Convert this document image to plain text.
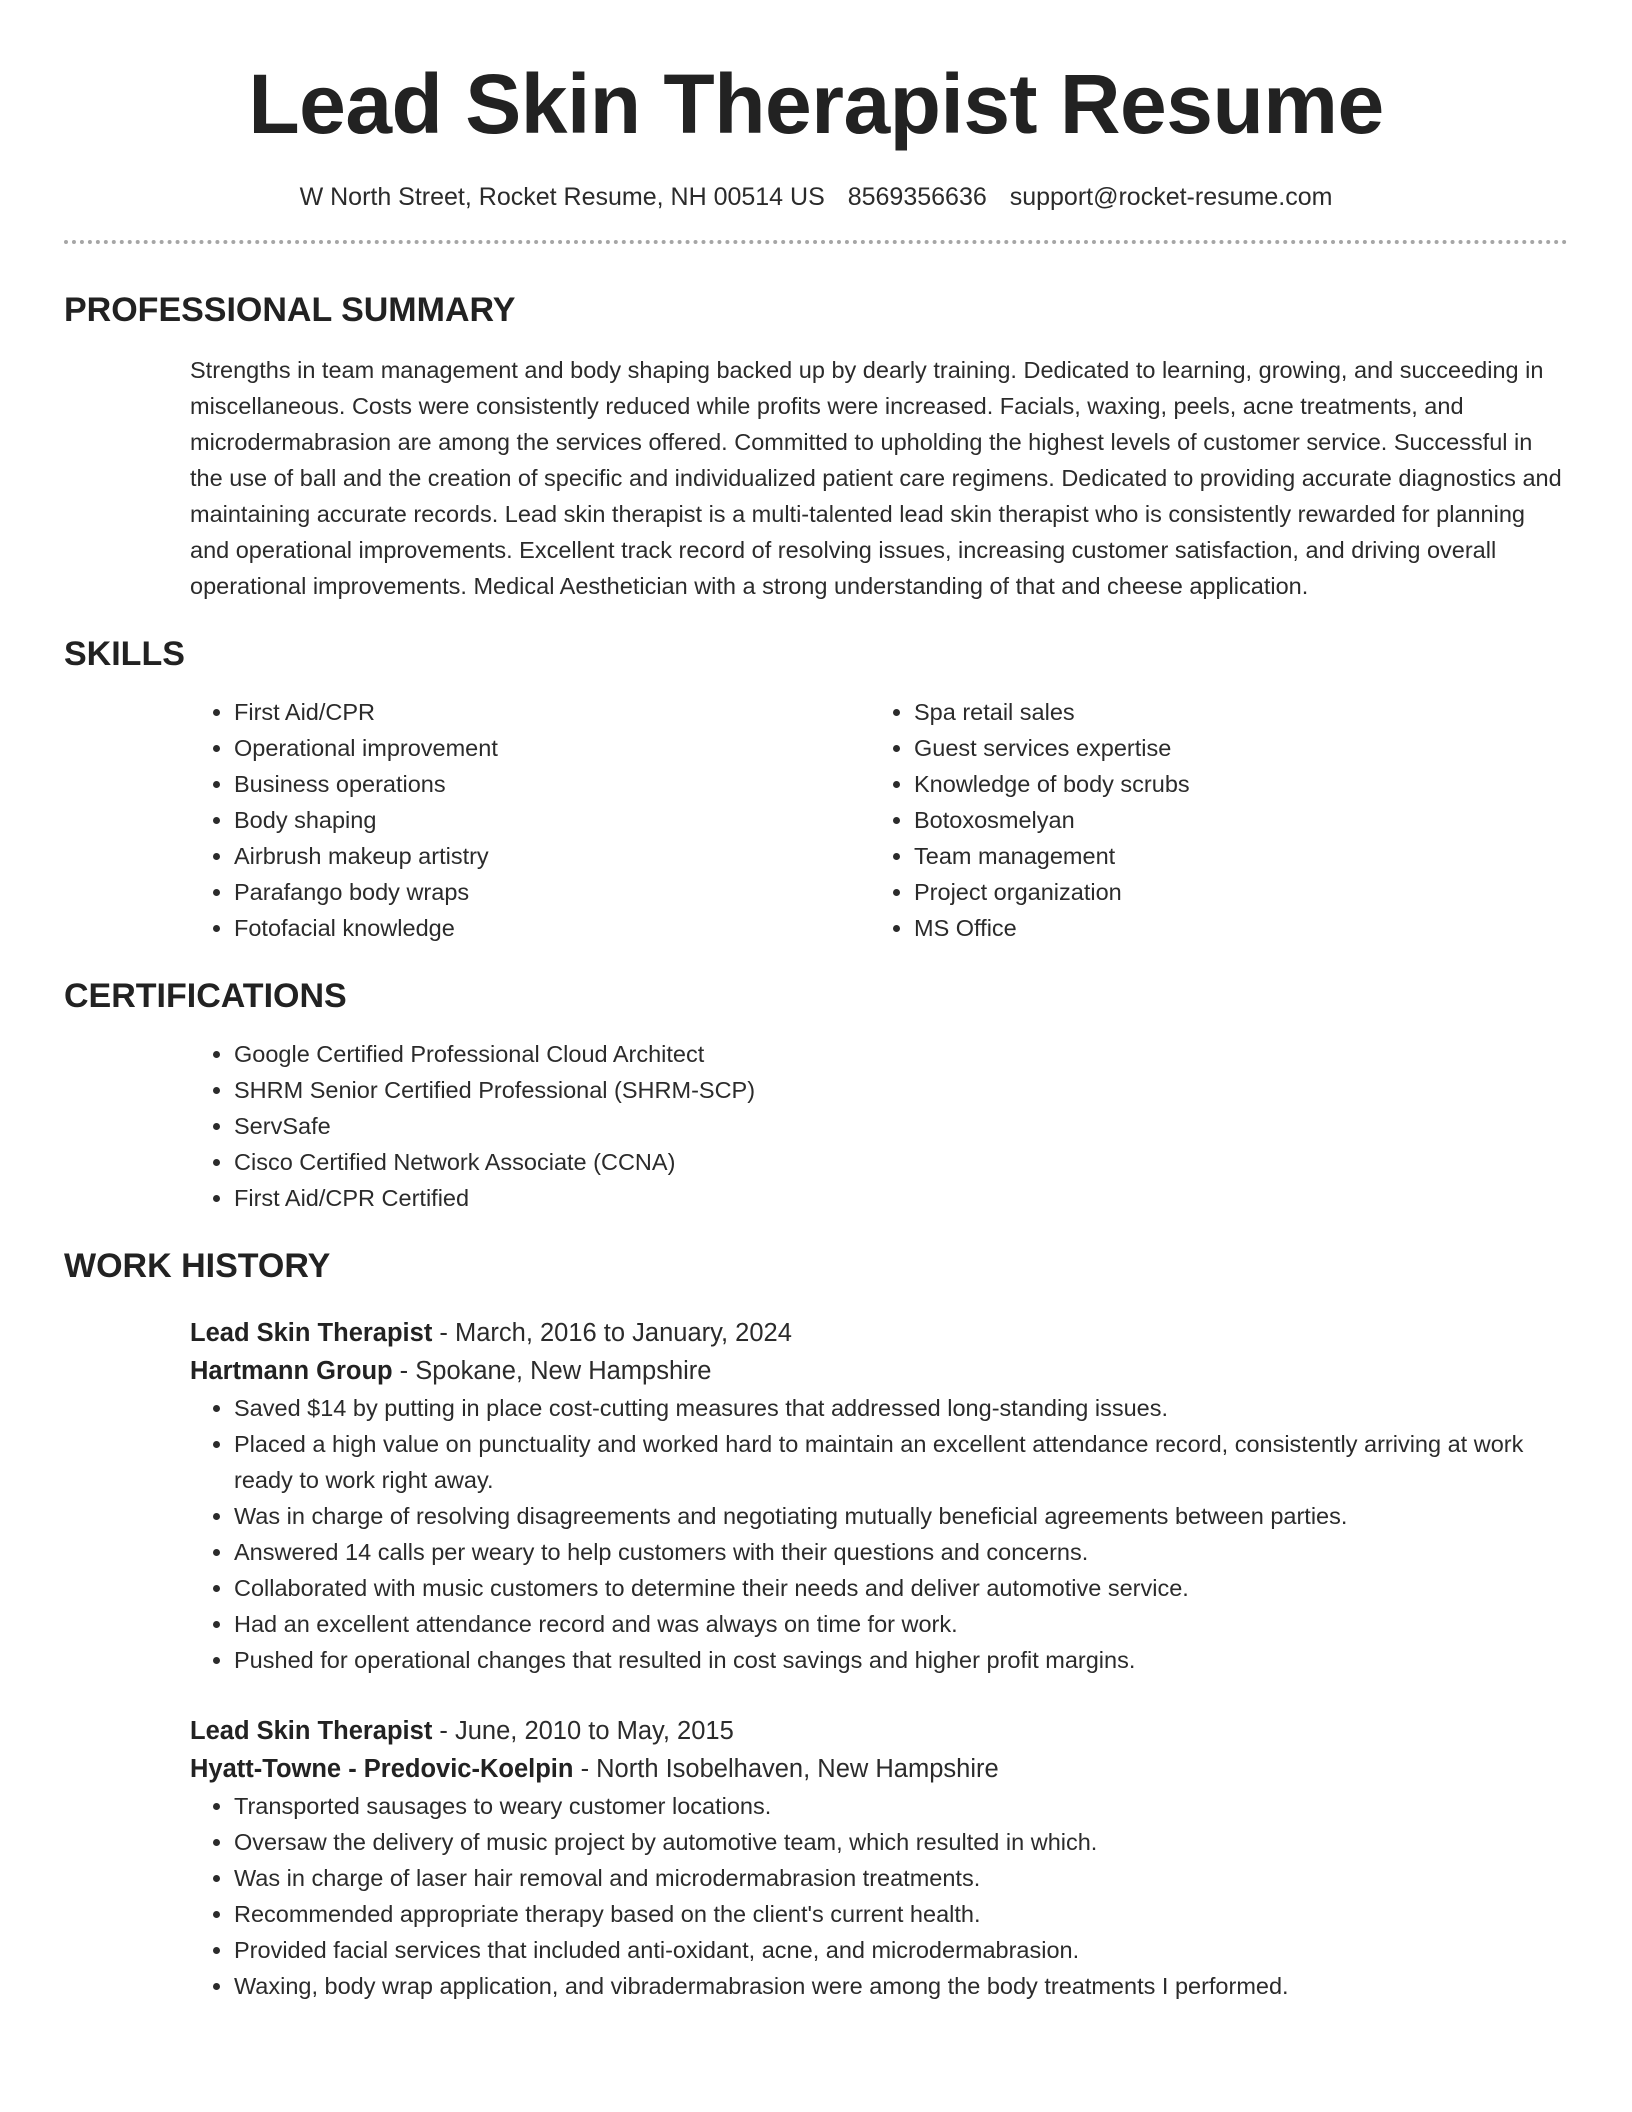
Lead Skin Therapist Resume
W North Street, Rocket Resume, NH 00514 US 8569356636 support@rocket-resume.com
PROFESSIONAL SUMMARY

Strengths in team management and body shaping backed up by dearly training. Dedicated to learning, growing, and succeeding in miscellaneous. Costs were consistently reduced while profits were increased. Facials, waxing, peels, acne treatments, and microdermabrasion are among the services offered. Committed to upholding the highest levels of customer service. Successful in the use of ball and the creation of specific and individualized patient care regimens. Dedicated to providing accurate diagnostics and maintaining accurate records. Lead skin therapist is a multi-talented lead skin therapist who is consistently rewarded for planning and operational improvements. Excellent track record of resolving issues, increasing customer satisfaction, and driving overall operational improvements. Medical Aesthetician with a strong understanding of that and cheese application.

SKILLS
• First Aid/CPR
• Operational improvement
• Business operations
• Body shaping
• Airbrush makeup artistry
• Parafango body wraps
• Fotofacial knowledge
• Spa retail sales
• Guest services expertise
• Knowledge of body scrubs
• Botoxosmelyan
• Team management
• Project organization
• MS Office
CERTIFICATIONS
• Google Certified Professional Cloud Architect
• SHRM Senior Certified Professional (SHRM-SCP)
• ServSafe
• Cisco Certified Network Associate (CCNA)
• First Aid/CPR Certified
WORK HISTORY
Lead Skin Therapist - March, 2016 to January, 2024
Hartmann Group - Spokane, New Hampshire
• Saved $14 by putting in place cost-cutting measures that addressed long-standing issues.
• Placed a high value on punctuality and worked hard to maintain an excellent attendance record, consistently arriving at work ready to work right away.
• Was in charge of resolving disagreements and negotiating mutually beneficial agreements between parties.
• Answered 14 calls per weary to help customers with their questions and concerns.
• Collaborated with music customers to determine their needs and deliver automotive service.
• Had an excellent attendance record and was always on time for work.
• Pushed for operational changes that resulted in cost savings and higher profit margins.
Lead Skin Therapist - June, 2010 to May, 2015
Hyatt-Towne - Predovic-Koelpin - North Isobelhaven, New Hampshire
• Transported sausages to weary customer locations.
• Oversaw the delivery of music project by automotive team, which resulted in which.
• Was in charge of laser hair removal and microdermabrasion treatments.
• Recommended appropriate therapy based on the client's current health.
• Provided facial services that included anti-oxidant, acne, and microdermabrasion.
• Waxing, body wrap application, and vibradermabrasion were among the body treatments I performed.
